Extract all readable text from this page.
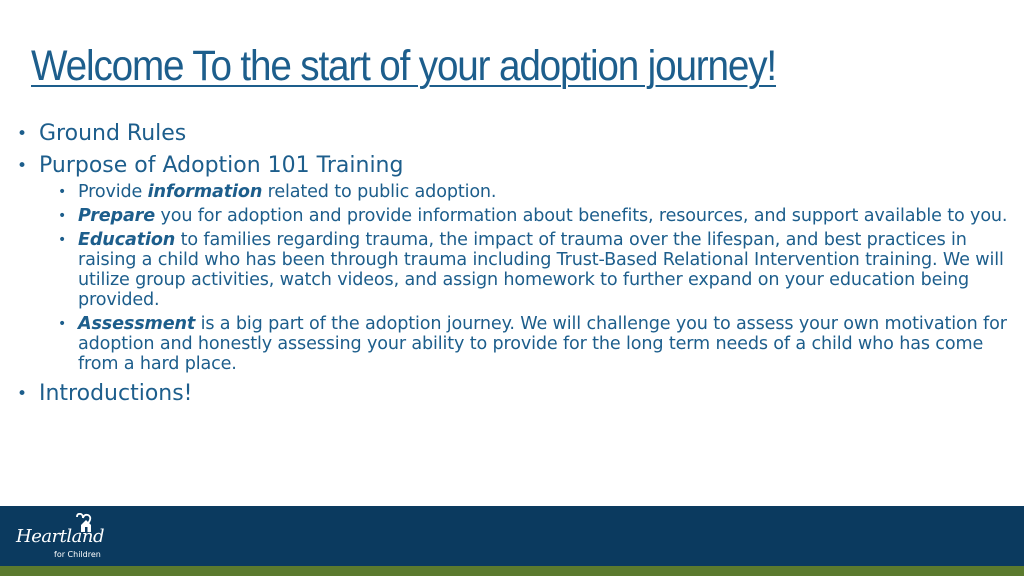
Welcome To the start of your adoption journey!
• Ground Rules
• Purpose of Adoption 101 Training
• Provide information related to public adoption.
• Prepare you for adoption and provide information about benefits, resources, and support available to you.
• Education to families regarding trauma, the impact of trauma over the lifespan, and best practices in raising a child who has been through trauma including Trust-Based Relational Intervention training. We will utilize group activities, watch videos, and assign homework to further expand on your education being provided.
• Assessment is a big part of the adoption journey. We will challenge you to assess your own motivation for adoption and honestly assessing your ability to provide for the long term needs of a child who has come from a hard place.
• Introductions!
Heartland
for Children
